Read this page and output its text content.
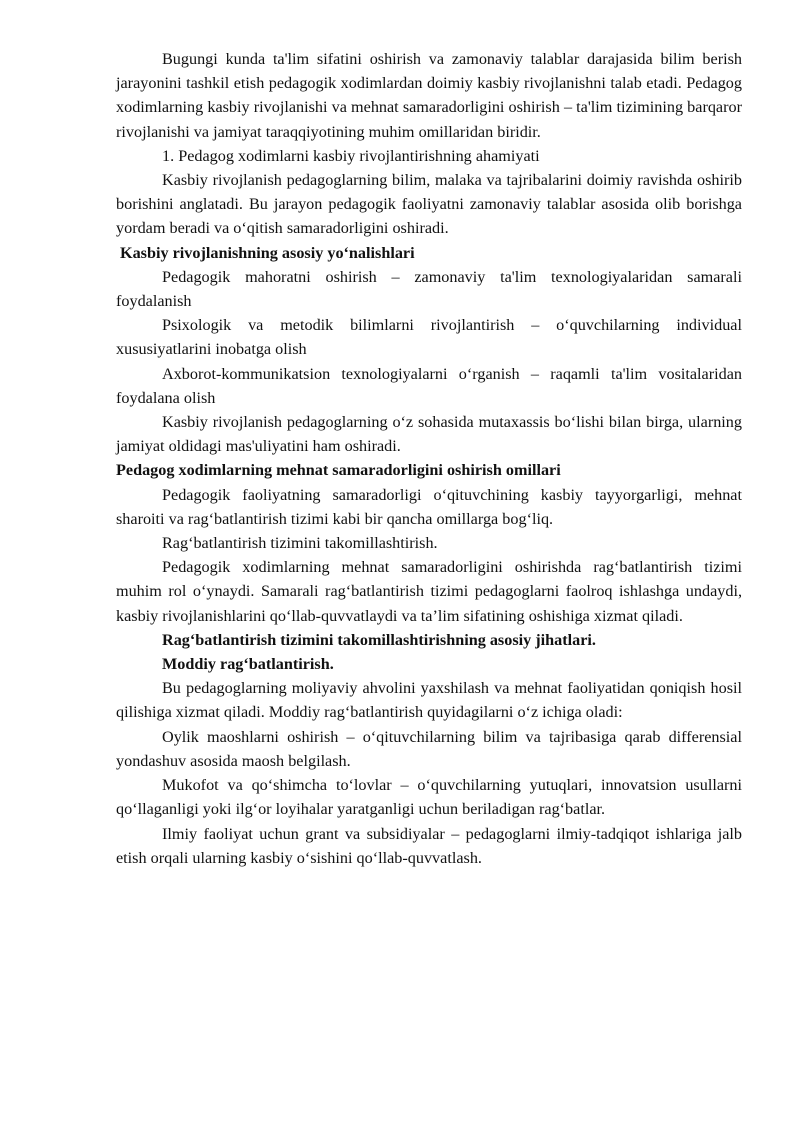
Bugungi kunda ta'lim sifatini oshirish va zamonaviy talablar darajasida bilim berish jarayonini tashkil etish pedagogik xodimlardan doimiy kasbiy rivojlanishni talab etadi. Pedagog xodimlarning kasbiy rivojlanishi va mehnat samaradorligini oshirish – ta'lim tizimining barqaror rivojlanishi va jamiyat taraqqiyotining muhim omillaridan biridir.

1. Pedagog xodimlarni kasbiy rivojlantirishning ahamiyati

Kasbiy rivojlanish pedagoglarning bilim, malaka va tajribalarini doimiy ravishda oshirib borishini anglatadi. Bu jarayon pedagogik faoliyatni zamonaviy talablar asosida olib borishga yordam beradi va o‘qitish samaradorligini oshiradi.

Kasbiy rivojlanishning asosiy yo‘nalishlari

Pedagogik mahoratni oshirish – zamonaviy ta'lim texnologiyalaridan samarali foydalanish

Psixologik va metodik bilimlarni rivojlantirish – o‘quvchilarning individual xususiyatlarini inobatga olish

Axborot-kommunikatsion texnologiyalarni o‘rganish – raqamli ta'lim vositalaridan foydalana olish

Kasbiy rivojlanish pedagoglarning o‘z sohasida mutaxassis bo‘lishi bilan birga, ularning jamiyat oldidagi mas'uliyatini ham oshiradi.

Pedagog xodimlarning mehnat samaradorligini oshirish omillari

Pedagogik faoliyatning samaradorligi o‘qituvchining kasbiy tayyorgarligi, mehnat sharoiti va rag‘batlantirish tizimi kabi bir qancha omillarga bog‘liq.

Rag‘batlantirish tizimini takomillashtirish.

Pedagogik xodimlarning mehnat samaradorligini oshirishda rag‘batlantirish tizimi muhim rol o‘ynaydi. Samarali rag‘batlantirish tizimi pedagoglarni faolroq ishlashga undaydi, kasbiy rivojlanishlarini qo‘llab-quvvatlaydi va ta’lim sifatining oshishiga xizmat qiladi.

Rag‘batlantirish tizimini takomillashtirishning asosiy jihatlari.

Moddiy rag‘batlantirish.

Bu pedagoglarning moliyaviy ahvolini yaxshilash va mehnat faoliyatidan qoniqish hosil qilishiga xizmat qiladi. Moddiy rag‘batlantirish quyidagilarni o‘z ichiga oladi:

Oylik maoshlarni oshirish – o‘qituvchilarning bilim va tajribasiga qarab differensial yondashuv asosida maosh belgilash.

Mukofot va qo‘shimcha to‘lovlar – o‘quvchilarning yutuqlari, innovatsion usullarni qo‘llaganligi yoki ilg‘or loyihalar yaratganligi uchun beriladigan rag‘batlar.

Ilmiy faoliyat uchun grant va subsidiyalar – pedagoglarni ilmiy-tadqiqot ishlariga jalb etish orqali ularning kasbiy o‘sishini qo‘llab-quvvatlash.
